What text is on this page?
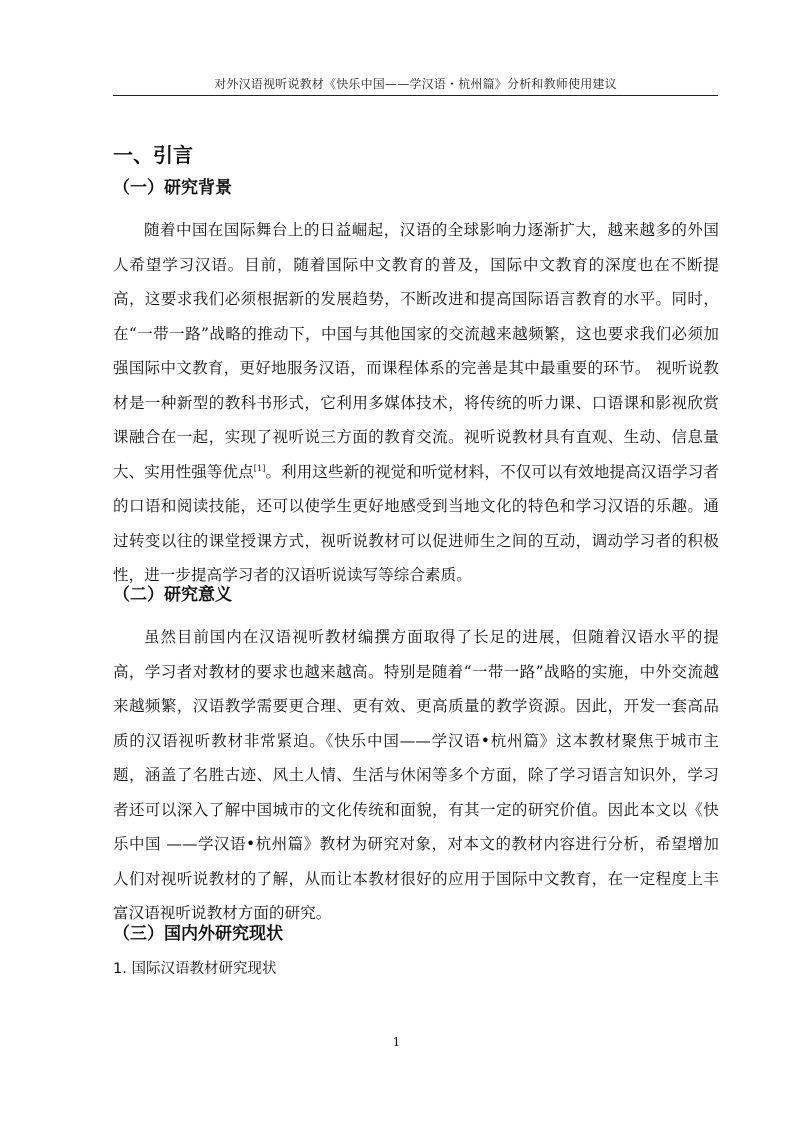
对外汉语视听说教材《快乐中国——学汉语・杭州篇》分析和教师使用建议
一、引言
（一）研究背景

随着中国在国际舞台上的日益崛起，汉语的全球影响力逐渐扩大，越来越多的外国人希望学习汉语。目前，随着国际中文教育的普及，国际中文教育的深度也在不断提高，这要求我们必须根据新的发展趋势，不断改进和提高国际语言教育的水平。同时，在“一带一路”战略的推动下，中国与其他国家的交流越来越频繁，这也要求我们必须加强国际中文教育，更好地服务汉语，而课程体系的完善是其中最重要的环节。 视听说教材是一种新型的教科书形式，它利用多媒体技术，将传统的听力课、口语课和影视欣赏课融合在一起，实现了视听说三方面的教育交流。视听说教材具有直观、生动、信息量大、实用性强等优点[1]。利用这些新的视觉和听觉材料，不仅可以有效地提高汉语学习者的口语和阅读技能，还可以使学生更好地感受到当地文化的特色和学习汉语的乐趣。通过转变以往的课堂授课方式，视听说教材可以促进师生之间的互动，调动学习者的积极性，进一步提高学习者的汉语听说读写等综合素质。

（二）研究意义

虽然目前国内在汉语视听教材编撰方面取得了长足的进展，但随着汉语水平的提高，学习者对教材的要求也越来越高。特别是随着“一带一路”战略的实施，中外交流越来越频繁，汉语教学需要更合理、更有效、更高质量的教学资源。因此，开发一套高品质的汉语视听教材非常紧迫。《快乐中国——学汉语•杭州篇》这本教材聚焦于城市主题，涵盖了名胜古迹、风土人情、生活与休闲等多个方面，除了学习语言知识外，学习者还可以深入了解中国城市的文化传统和面貌，有其一定的研究价值。因此本文以《快乐中国 ——学汉语•杭州篇》教材为研究对象，对本文的教材内容进行分析，希望增加人们对视听说教材的了解，从而让本教材很好的应用于国际中文教育，在一定程度上丰富汉语视听说教材方面的研究。

（三）国内外研究现状
1. 国际汉语教材研究现状
1
